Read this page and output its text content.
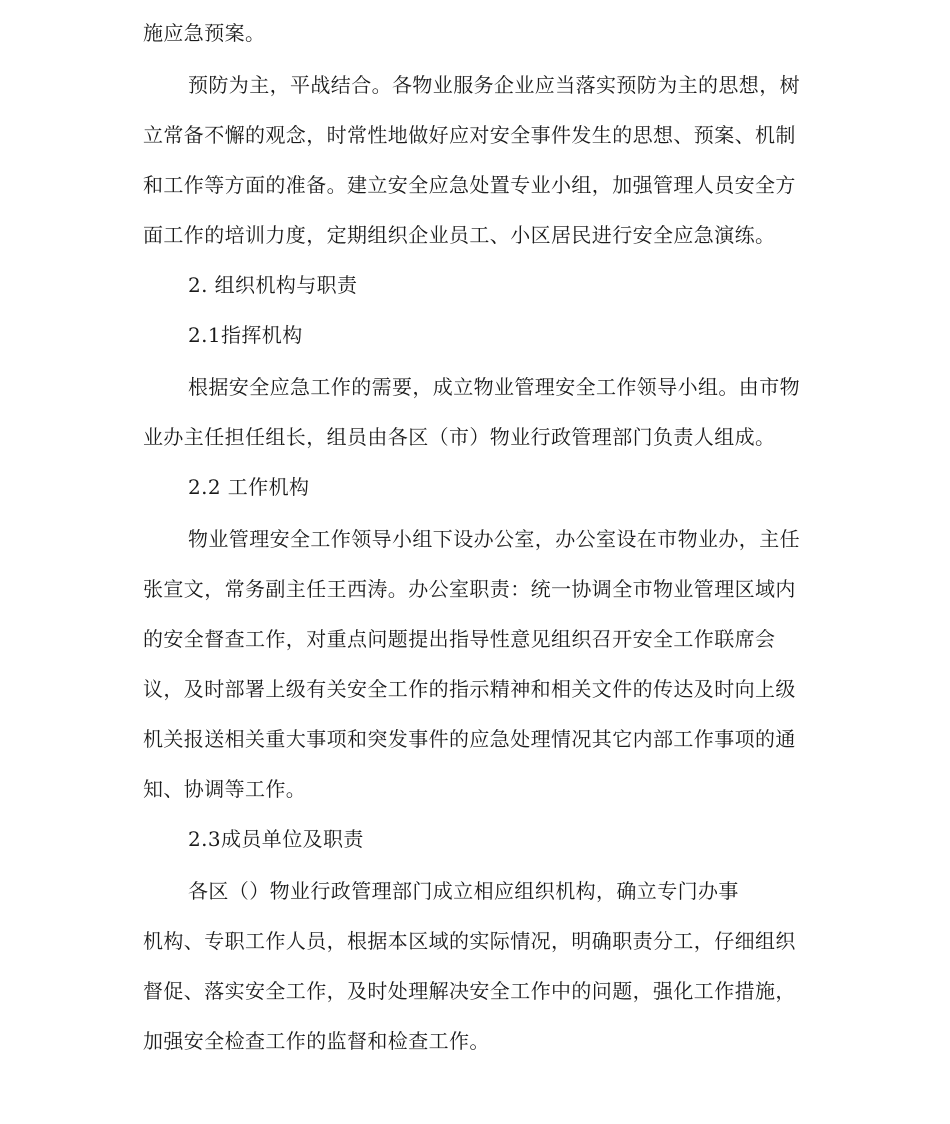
施应急预案。
预防为主，平战结合。各物业服务企业应当落实预防为主的思想，树
立常备不懈的观念，时常性地做好应对安全事件发生的思想、预案、机制
和工作等方面的准备。建立安全应急处置专业小组，加强管理人员安全方
面工作的培训力度，定期组织企业员工、小区居民进行安全应急演练。
2. 组织机构与职责
2.1指挥机构
根据安全应急工作的需要，成立物业管理安全工作领导小组。由市物
业办主任担任组长，组员由各区（市）物业行政管理部门负责人组成。
2.2 工作机构
物业管理安全工作领导小组下设办公室，办公室设在市物业办，主任
张宣文，常务副主任王西涛。办公室职责：统一协调全市物业管理区域内
的安全督查工作，对重点问题提出指导性意见组织召开安全工作联席会
议，及时部署上级有关安全工作的指示精神和相关文件的传达及时向上级
机关报送相关重大事项和突发事件的应急处理情况其它内部工作事项的通
知、协调等工作。
2.3成员单位及职责
各区（）物业行政管理部门成立相应组织机构，确立专门办事
机构、专职工作人员，根据本区域的实际情况，明确职责分工，仔细组织
督促、落实安全工作，及时处理解决安全工作中的问题，强化工作措施，
加强安全检查工作的监督和检查工作。
